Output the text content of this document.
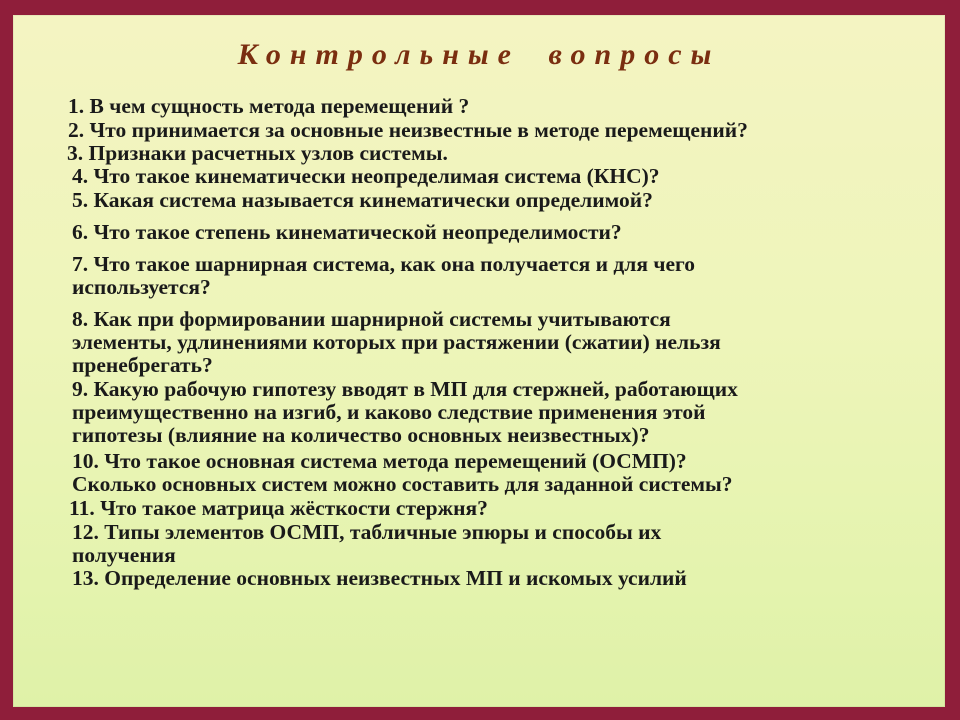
Контрольные вопросы
1. В чем сущность метода перемещений ?
2. Что принимается за основные неизвестные в методе перемещений?
3. Признаки расчетных узлов системы.
4. Что такое кинематически неопределимая система (КНС)?
5. Какая система называется кинематически определимой?
6. Что такое степень кинематической неопределимости?
7. Что такое шарнирная система, как она получается и для чего
используется?
8. Как при формировании шарнирной системы учитываются
элементы, удлинениями которых при растяжении (сжатии) нельзя
пренебрегать?
9. Какую рабочую гипотезу вводят в МП для стержней, работающих
преимущественно на изгиб, и каково следствие применения этой
гипотезы (влияние на количество основных неизвестных)?
10. Что такое основная система метода перемещений (ОСМП)?
Сколько основных систем можно составить для заданной системы?
11. Что такое матрица жёсткости стержня?
12. Типы элементов ОСМП, табличные эпюры и способы их
получения
13. Определение основных неизвестных МП и искомых усилий
